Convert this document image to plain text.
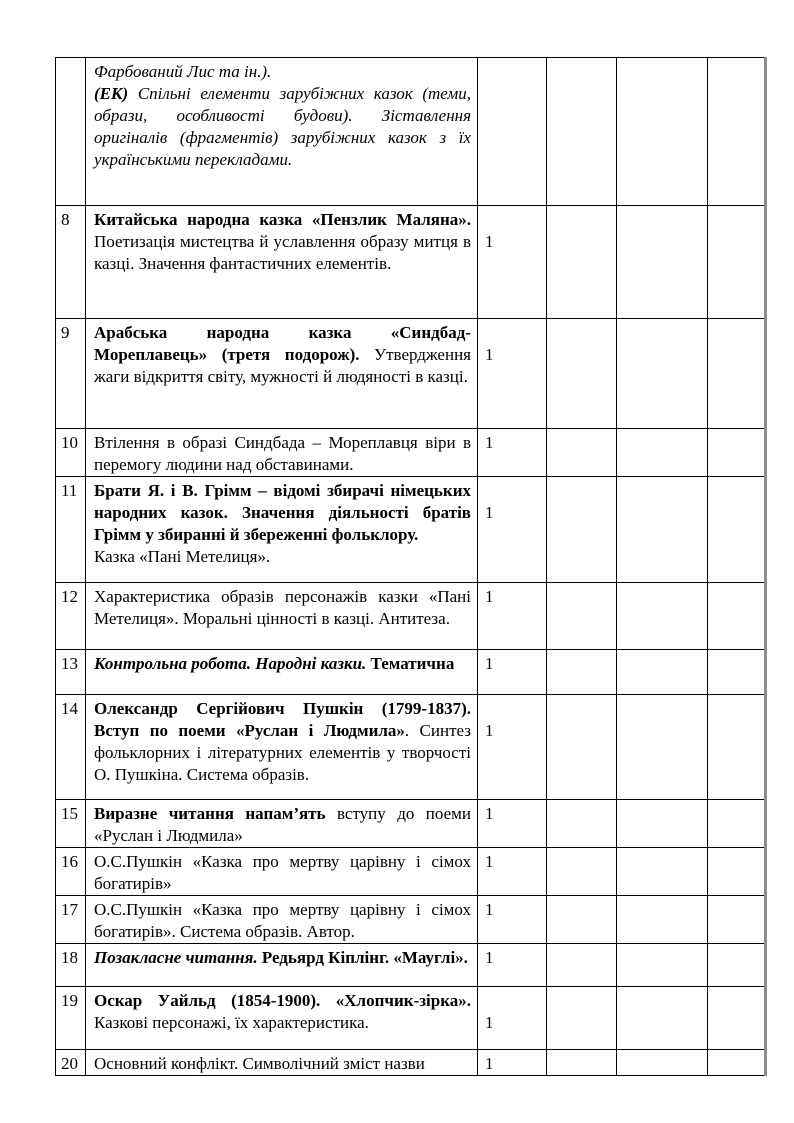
	Фарбований Лис та ін.).
(ЕК) Спільні елементи зарубіжних казок (теми, образи, особливості будови). Зіставлення оригіналів (фрагментів) зарубіжних казок з їх українськими перекладами.	

8	Китайська народна казка «Пензлик Маляна». Поетизація мистецтва й уславлення образу митця в казці. Значення фантастичних елементів.	1			

9	Арабська народна казка «Синдбад-Мореплавець» (третя подорож). Утвердження жаги відкриття світу, мужності й людяності в казці.	1			

10	Втілення в образі Синдбада – Мореплавця віри в перемогу людини над обставинами.	1			

11	Брати Я. і В. Грімм – відомі збирачі німецьких народних казок. Значення діяльності братів Грімм у збиранні й збереженні фольклору.
Казка «Пані Метелиця».	1			

12	Характеристика образів персонажів казки «Пані Метелиця». Моральні цінності в казці. Антитеза.	1			

13	Контрольна робота. Народні казки. Тематична	1			

14	Олександр Сергійович Пушкін (1799-1837). Вступ по поеми «Руслан і Людмила». Синтез фольклорних і літературних елементів у творчості О. Пушкіна. Система образів.	1			

15	Виразне читання напам’ять вступу до поеми «Руслан і Людмила»	1			

16	О.С.Пушкін «Казка про мертву царівну і сімох богатирів»	1			

17	О.С.Пушкін «Казка про мертву царівну і сімох богатирів». Система образів. Автор.	1			

18	Позакласне читання. Редьярд Кіплінг. «Мауглі».	1			

19	Оскар Уайльд (1854-1900). «Хлопчик-зірка». Казкові персонажі, їх характеристика.	1			

20	Основний конфлікт. Символічний зміст назви	1			
